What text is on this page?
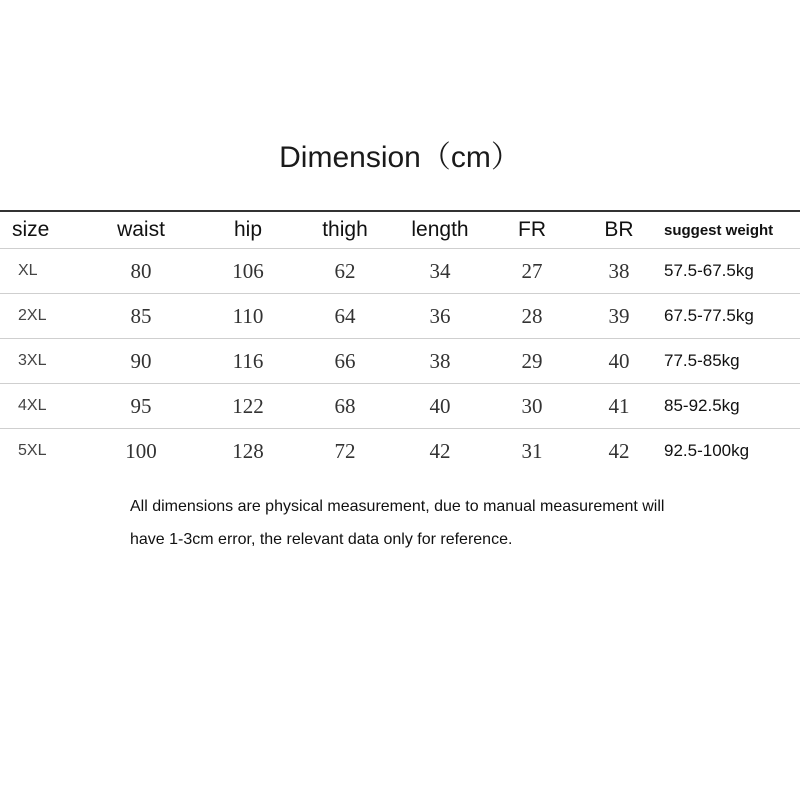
Dimension（cm）
size	waist	hip	thigh	length	FR	BR	suggest weight
XL	80	106	62	34	27	38	57.5-67.5kg
2XL	85	110	64	36	28	39	67.5-77.5kg
3XL	90	116	66	38	29	40	77.5-85kg
4XL	95	122	68	40	30	41	85-92.5kg
5XL	100	128	72	42	31	42	92.5-100kg
All dimensions are physical measurement, due to manual measurement will
have 1-3cm error, the relevant data only for reference.
